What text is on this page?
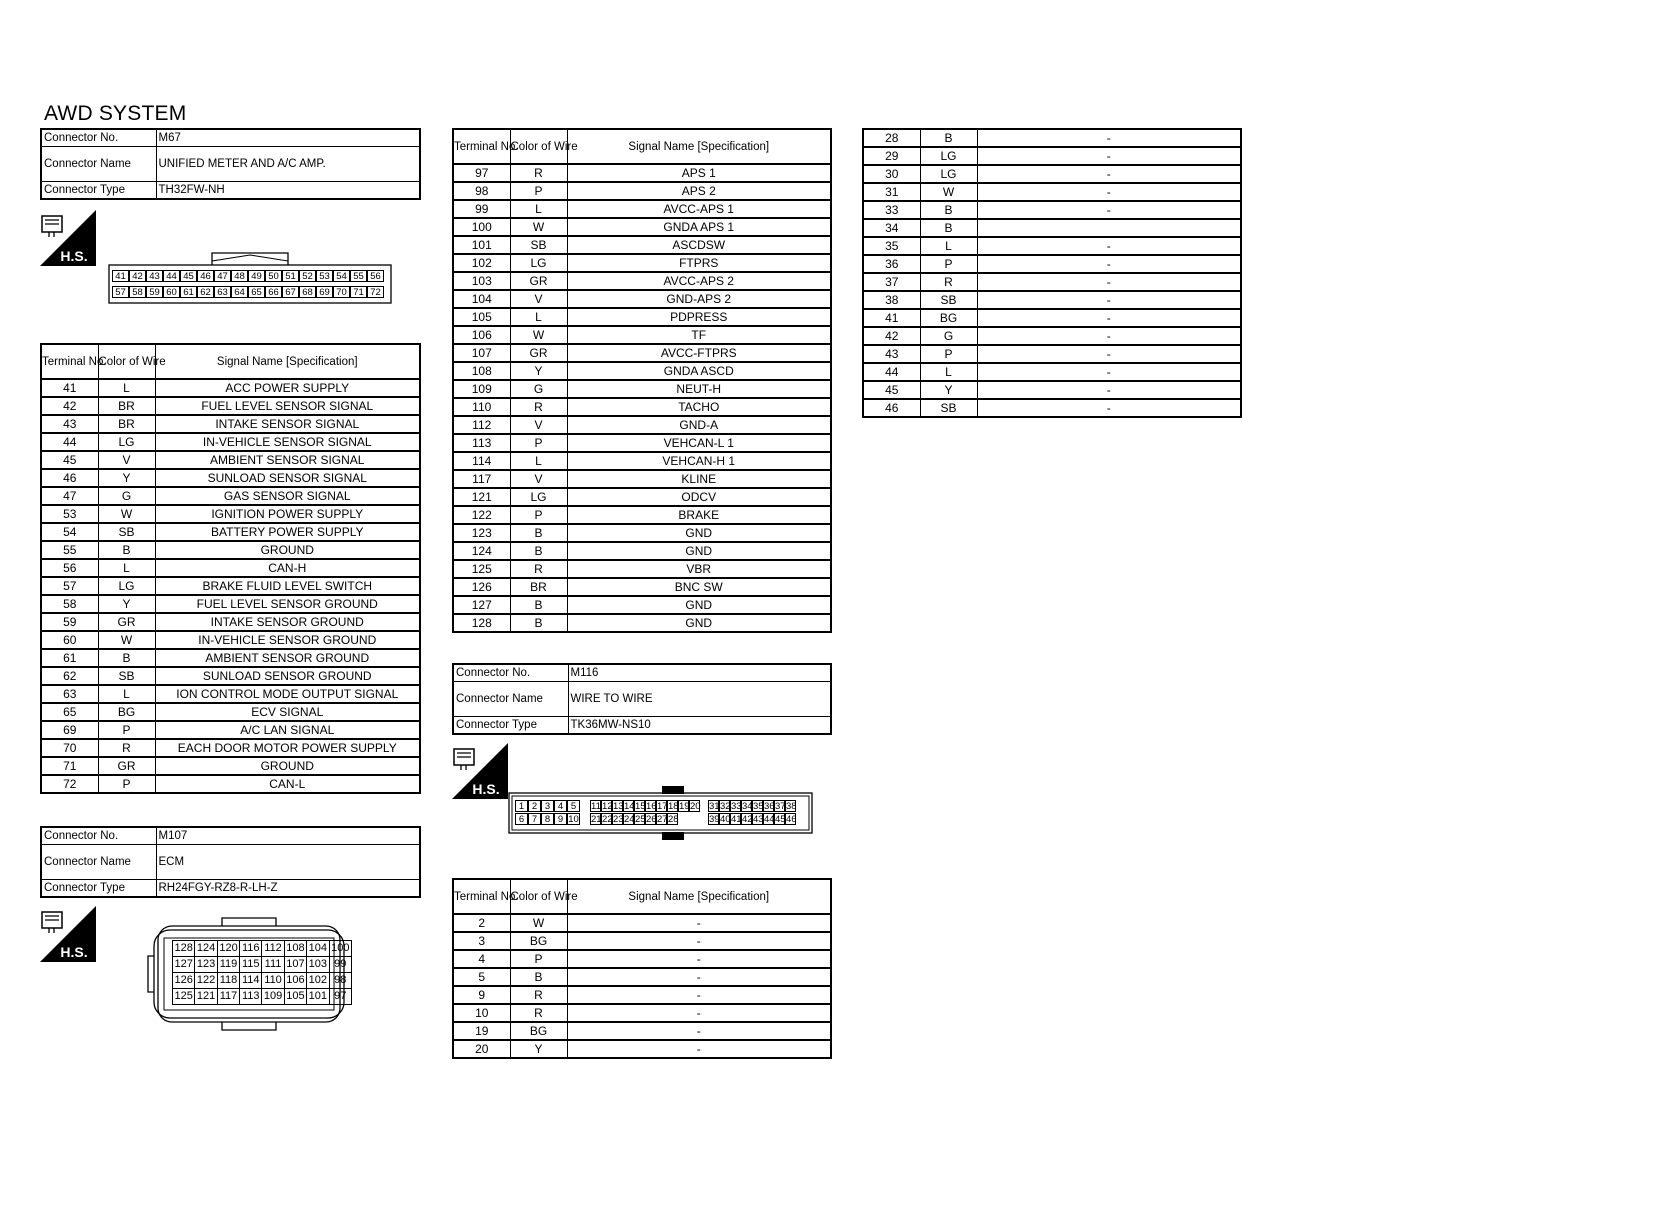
AWD SYSTEM
Connector No.	M67
Connector Name	UNIFIED METER AND A/C AMP.
Connector Type	TH32FW-NH
H.S.
41 42 43 44 45 46 47 48 49 50 51 52 53 54 55 56
57 58 59 60 61 62 63 64 65 66 67 68 69 70 71 72
Terminal No.	Color of Wire	Signal Name [Specification]
41	L	ACC POWER SUPPLY
42	BR	FUEL LEVEL SENSOR SIGNAL
43	BR	INTAKE SENSOR SIGNAL
44	LG	IN-VEHICLE SENSOR SIGNAL
45	V	AMBIENT SENSOR SIGNAL
46	Y	SUNLOAD SENSOR SIGNAL
47	G	GAS SENSOR SIGNAL
53	W	IGNITION POWER SUPPLY
54	SB	BATTERY POWER SUPPLY
55	B	GROUND
56	L	CAN-H
57	LG	BRAKE FLUID LEVEL SWITCH
58	Y	FUEL LEVEL SENSOR GROUND
59	GR	INTAKE SENSOR GROUND
60	W	IN-VEHICLE SENSOR GROUND
61	B	AMBIENT SENSOR GROUND
62	SB	SUNLOAD SENSOR GROUND
63	L	ION CONTROL MODE OUTPUT SIGNAL
65	BG	ECV SIGNAL
69	P	A/C LAN SIGNAL
70	R	EACH DOOR MOTOR POWER SUPPLY
71	GR	GROUND
72	P	CAN-L
Connector No.	M107
Connector Name	ECM
Connector Type	RH24FGY-RZ8-R-LH-Z
H.S.	128	124	120	116	112	108	104	100
127	123	119	115	111	107	103	99
126	122	118	114	110	106	102	98
125	121	117	113	109	105	101	97
Terminal No.	Color of Wire	Signal Name [Specification]
97	R	APS 1
98	P	APS 2
99	L	AVCC-APS 1
100	W	GNDA APS 1
101	SB	ASCDSW
102	LG	FTPRS
103	GR	AVCC-APS 2
104	V	GND-APS 2
105	L	PDPRESS
106	W	TF
107	GR	AVCC-FTPRS
108	Y	GNDA ASCD
109	G	NEUT-H
110	R	TACHO
112	V	GND-A
113	P	VEHCAN-L 1
114	L	VEHCAN-H 1
117	V	KLINE
121	LG	ODCV
122	P	BRAKE
123	B	GND
124	B	GND
125	R	VBR
126	BR	BNC SW
127	B	GND
128	B	GND
Connector No.	M116
Connector Name	WIRE TO WIRE
Connector Type	TK36MW-NS10
H.S.
1 2 3 4 5
6 7 8 9 10
11 12 13 14 15 16 17 18 19 20
21 22 23 24 25 26 27 28
31 32 33 34 35 36 37 38
39 40 41 42 43 44 45 46
Terminal No.	Color of Wire	Signal Name [Specification]
2	W	-
3	BG	-
4	P	-
5	B	-
9	R	-
10	R	-
19	BG	-
20	Y	-
28	B	-
29	LG	-
30	LG	-
31	W	-
33	B	-
34	B	
35	L	-
36	P	-
37	R	-
38	SB	-
41	BG	-
42	G	-
43	P	-
44	L	-
45	Y	-
46	SB	-
